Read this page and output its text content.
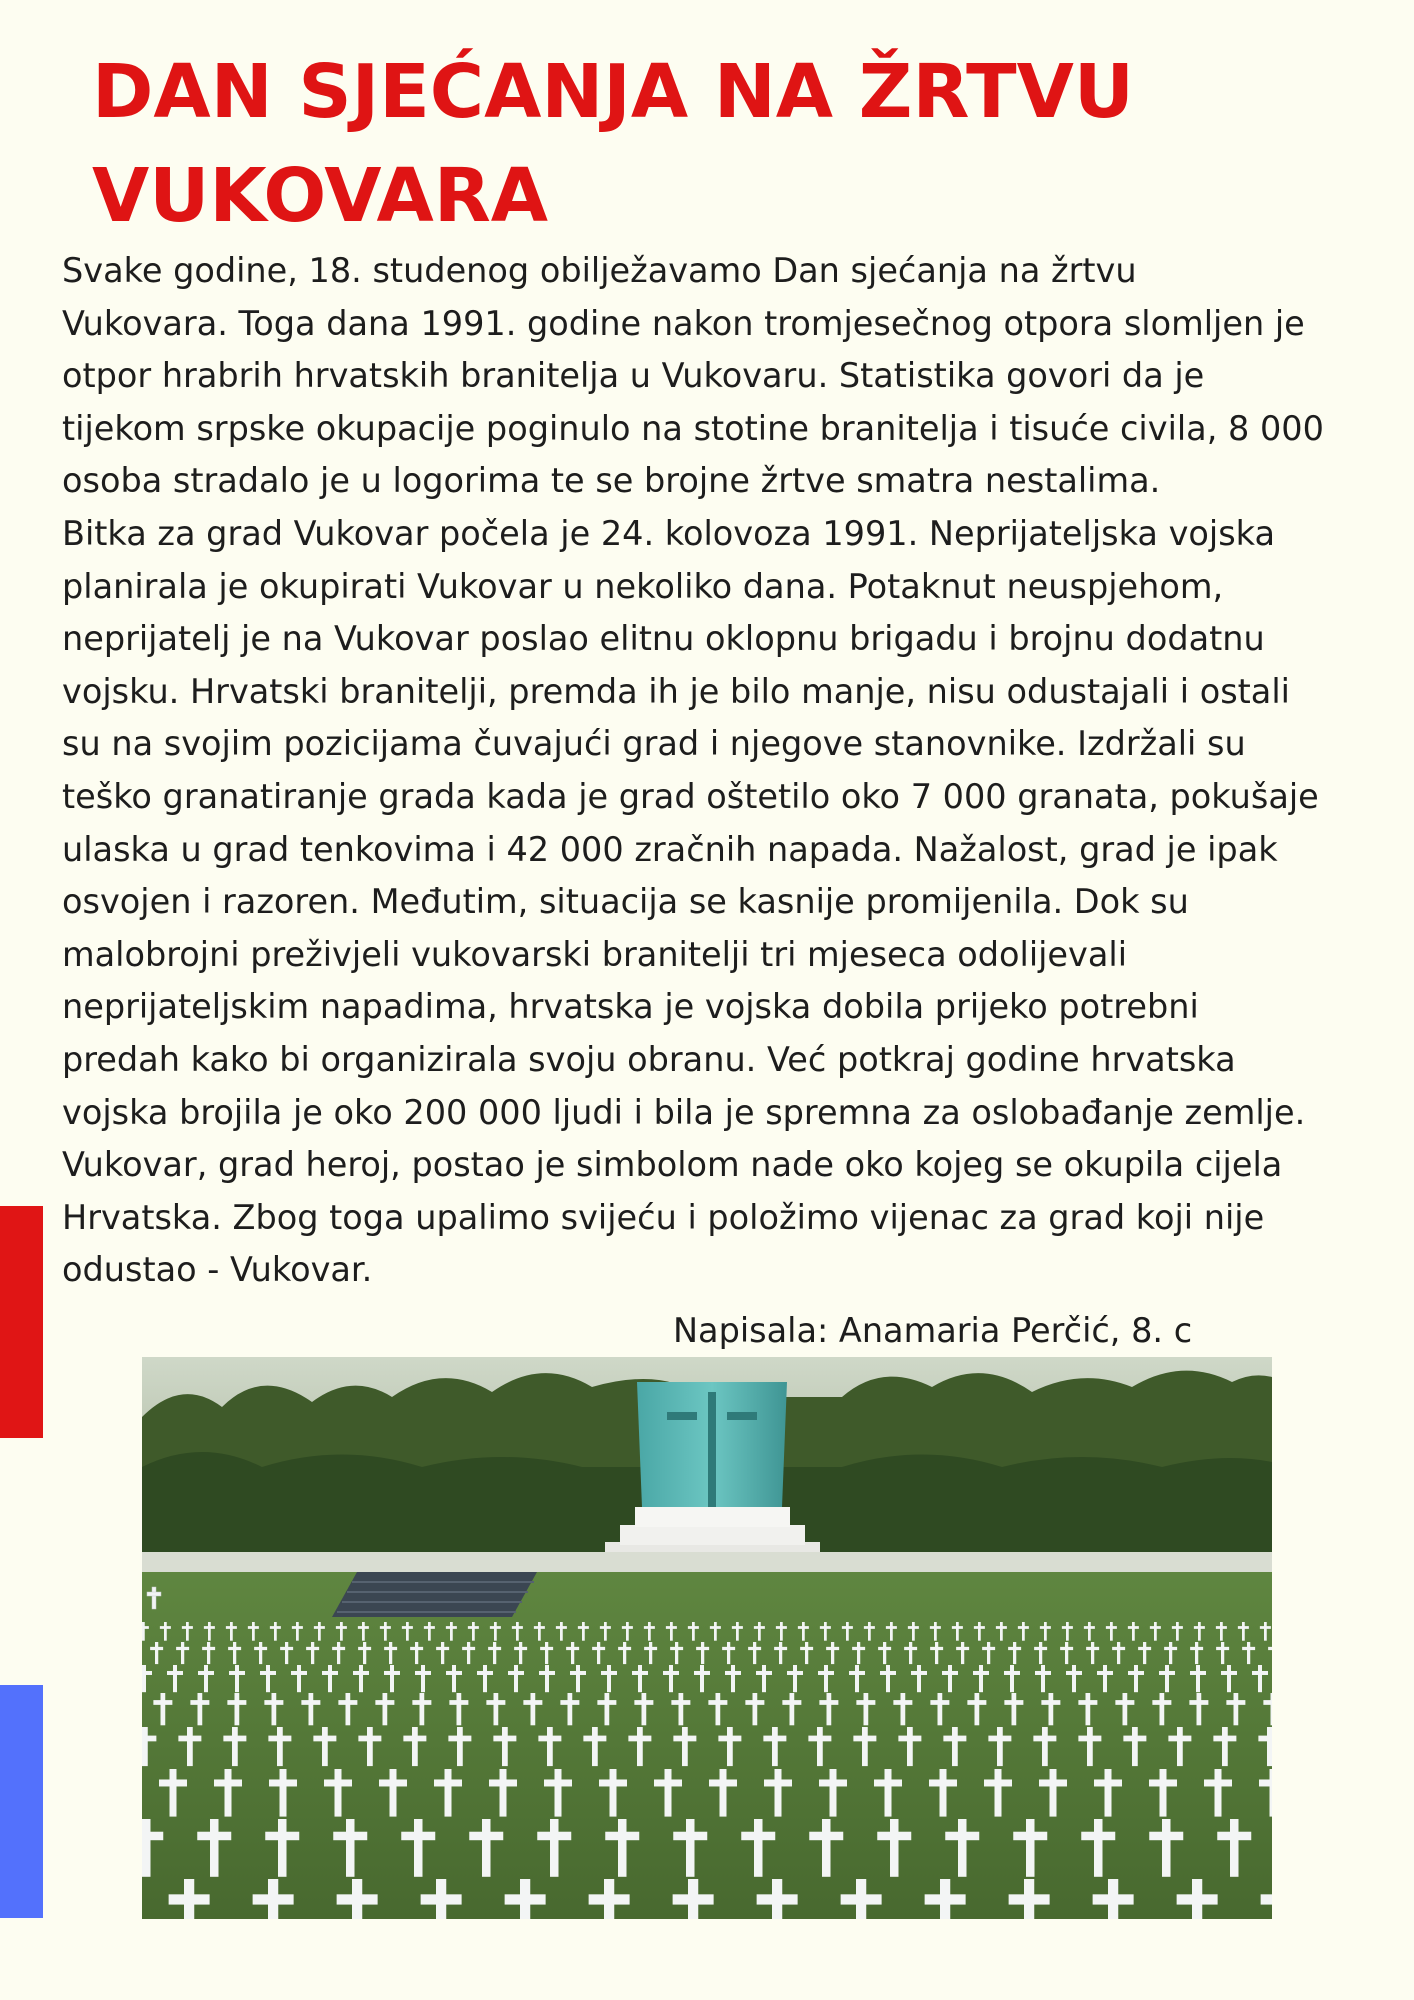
DAN SJEĆANJA NA ŽRTVU VUKOVARA

Svake godine, 18. studenog obilježavamo Dan sjećanja na žrtvu
Vukovara. Toga dana 1991. godine nakon tromjesečnog otpora slomljen je
otpor hrabrih hrvatskih branitelja u Vukovaru. Statistika govori da je
tijekom srpske okupacije poginulo na stotine branitelja i tisuće civila, 8 000
osoba stradalo je u logorima te se brojne žrtve smatra nestalima.
Bitka za grad Vukovar počela je 24. kolovoza 1991. Neprijateljska vojska
planirala je okupirati Vukovar u nekoliko dana. Potaknut neuspjehom,
neprijatelj je na Vukovar poslao elitnu oklopnu brigadu i brojnu dodatnu
vojsku. Hrvatski branitelji, premda ih je bilo manje, nisu odustajali i ostali
su na svojim pozicijama čuvajući grad i njegove stanovnike. Izdržali su
teško granatiranje grada kada je grad oštetilo oko 7 000 granata, pokušaje
ulaska u grad tenkovima i 42 000 zračnih napada. Nažalost, grad je ipak
osvojen i razoren. Međutim, situacija se kasnije promijenila. Dok su
malobrojni preživjeli vukovarski branitelji tri mjeseca odolijevali
neprijateljskim napadima, hrvatska je vojska dobila prijeko potrebni
predah kako bi organizirala svoju obranu. Već potkraj godine hrvatska
vojska brojila je oko 200 000 ljudi i bila je spremna za oslobađanje zemlje.
Vukovar, grad heroj, postao je simbolom nade oko kojeg se okupila cijela
Hrvatska. Zbog toga upalimo svijeću i položimo vijenac za grad koji nije
odustao - Vukovar.

Napisala: Anamaria Perčić, 8. c
